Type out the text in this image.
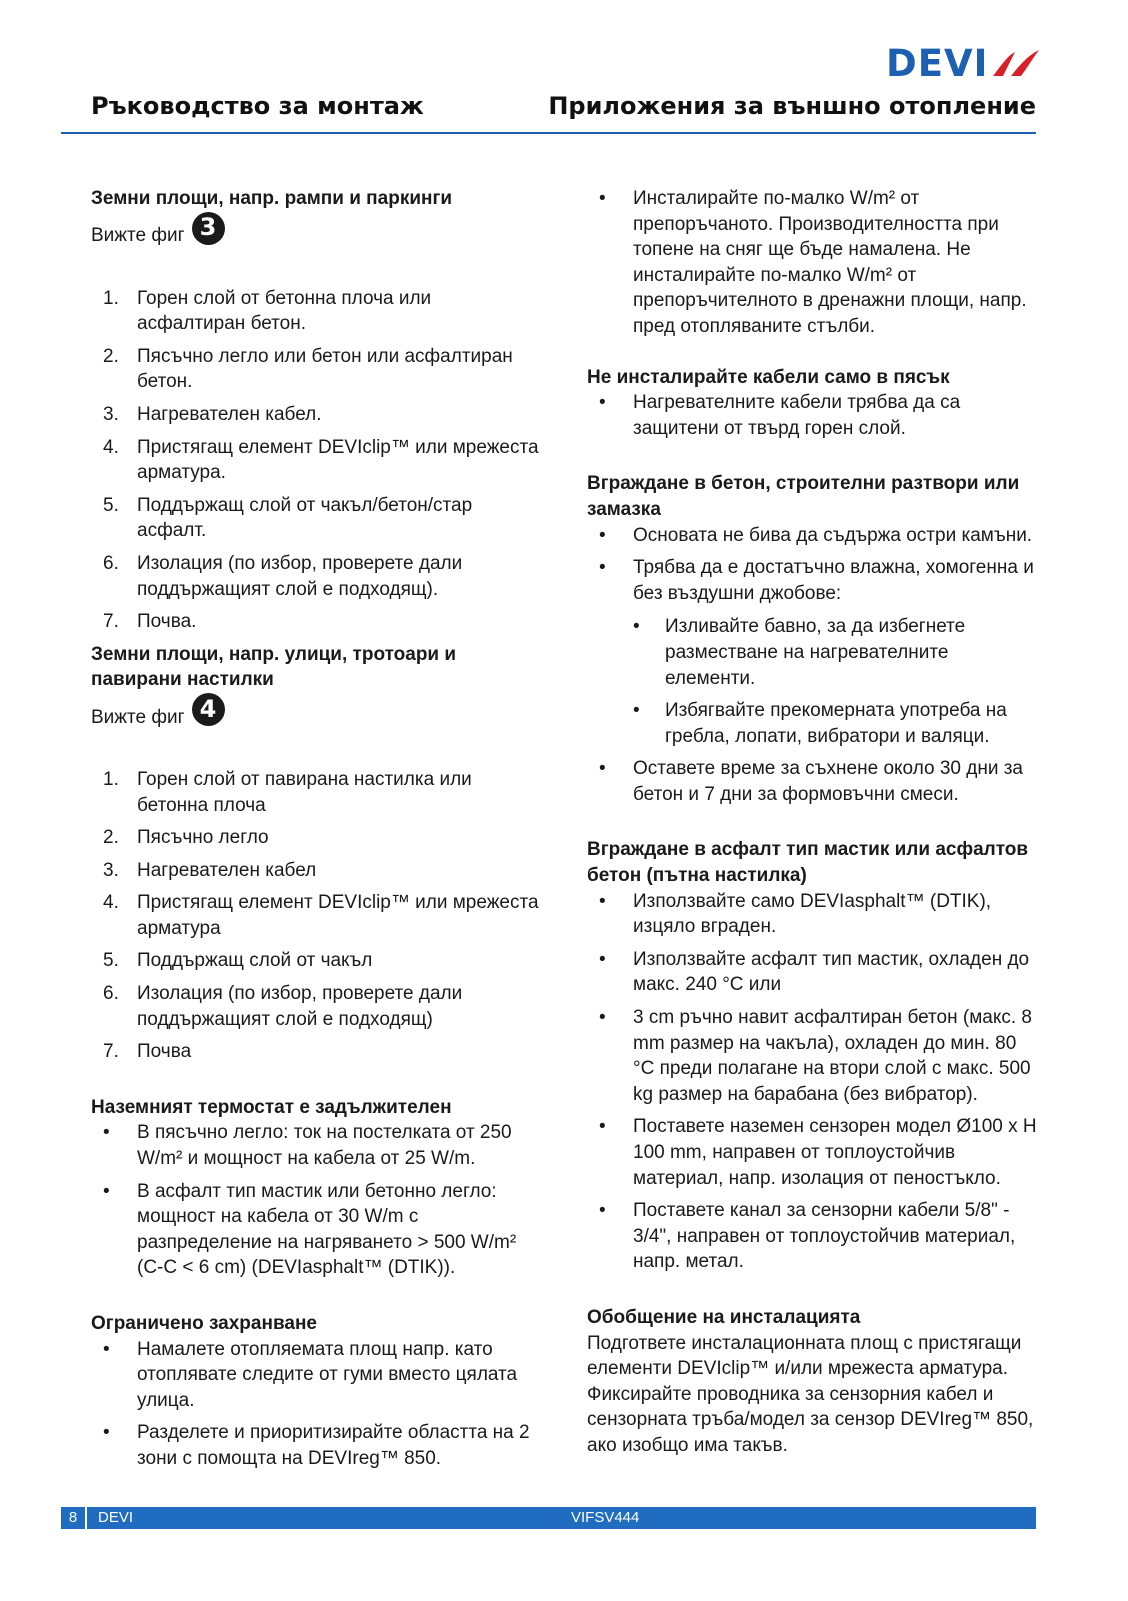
DEVI
Ръководство за монтаж	Приложения за външно отопление

Земни площи, напр. рампи и паркинги

Вижте фиг 3
1. Горен слой от бетонна плоча или асфалтиран бетон.
2. Пясъчно легло или бетон или асфалтиран бетон.
3. Нагревателен кабел.
4. Пристягащ елемент DEVIclip™ или мрежеста арматура.
5. Поддържащ слой от чакъл/бетон/стар асфалт.
6. Изолация (по избор, проверете дали поддържащият слой е подходящ).
7. Почва.

Земни площи, напр. улици, тротоари и павирани настилки

Вижте фиг 4
1. Горен слой от павирана настилка или бетонна плоча
2. Пясъчно легло
3. Нагревателен кабел
4. Пристягащ елемент DEVIclip™ или мрежеста арматура
5. Поддържащ слой от чакъл
6. Изолация (по избор, проверете дали поддържащият слой е подходящ)
7. Почва

Наземният термостат е задължителен

• В пясъчно легло: ток на постелката от 250 W/m² и мощност на кабела от 25 W/m.
• В асфалт тип мастик или бетонно легло: мощност на кабела от 30 W/m с разпределение на нагряването > 500 W/m² (C-C < 6 cm) (DEVIasphalt™ (DTIK)).

Ограничено захранване

• Намалете отопляемата площ напр. като отоплявате следите от гуми вместо цялата улица.
• Разделете и приоритизирайте областта на 2 зони с помощта на DEVIreg™ 850.
• Инсталирайте по-малко W/m² от препоръчаното. Производителността при топене на сняг ще бъде намалена. Не инсталирайте по-малко W/m² от препоръчителното в дренажни площи, напр. пред отопляваните стълби.

Не инсталирайте кабели само в пясък

• Нагревателните кабели трябва да са защитени от твърд горен слой.

Вграждане в бетон, строителни разтвори или замазка

• Основата не бива да съдържа остри камъни.
• Трябва да е достатъчно влажна, хомогенна и без въздушни джобове:
• Изливайте бавно, за да избегнете разместване на нагревателните елементи.
• Избягвайте прекомерната употреба на гребла, лопати, вибратори и валяци.
• Оставете време за съхнене около 30 дни за бетон и 7 дни за формовъчни смеси.

Вграждане в асфалт тип мастик или асфалтов бетон (пътна настилка)

• Използвайте само DEVIasphalt™ (DTIK), изцяло вграден.
• Използвайте асфалт тип мастик, охладен до макс. 240 °C или
• 3 cm ръчно навит асфалтиран бетон (макс. 8 mm размер на чакъла), охладен до мин. 80 °C преди полагане на втори слой с макс. 500 kg размер на барабана (без вибратор).
• Поставете наземен сензорен модел Ø100 x H 100 mm, направен от топлоустойчив материал, напр. изолация от пеностъкло.
• Поставете канал за сензорни кабели 5/8" - 3/4", направен от топлоустойчив материал, напр. метал.

Обобщение на инсталацията

Подгответе инсталационната площ с пристягащи елементи DEVIclip™ и/или мрежеста арматура. Фиксирайте проводника за сензорния кабел и сензорната тръба/модел за сензор DEVIreg™ 850, ако изобщо има такъв.

8	DEVI	VIFSV444
